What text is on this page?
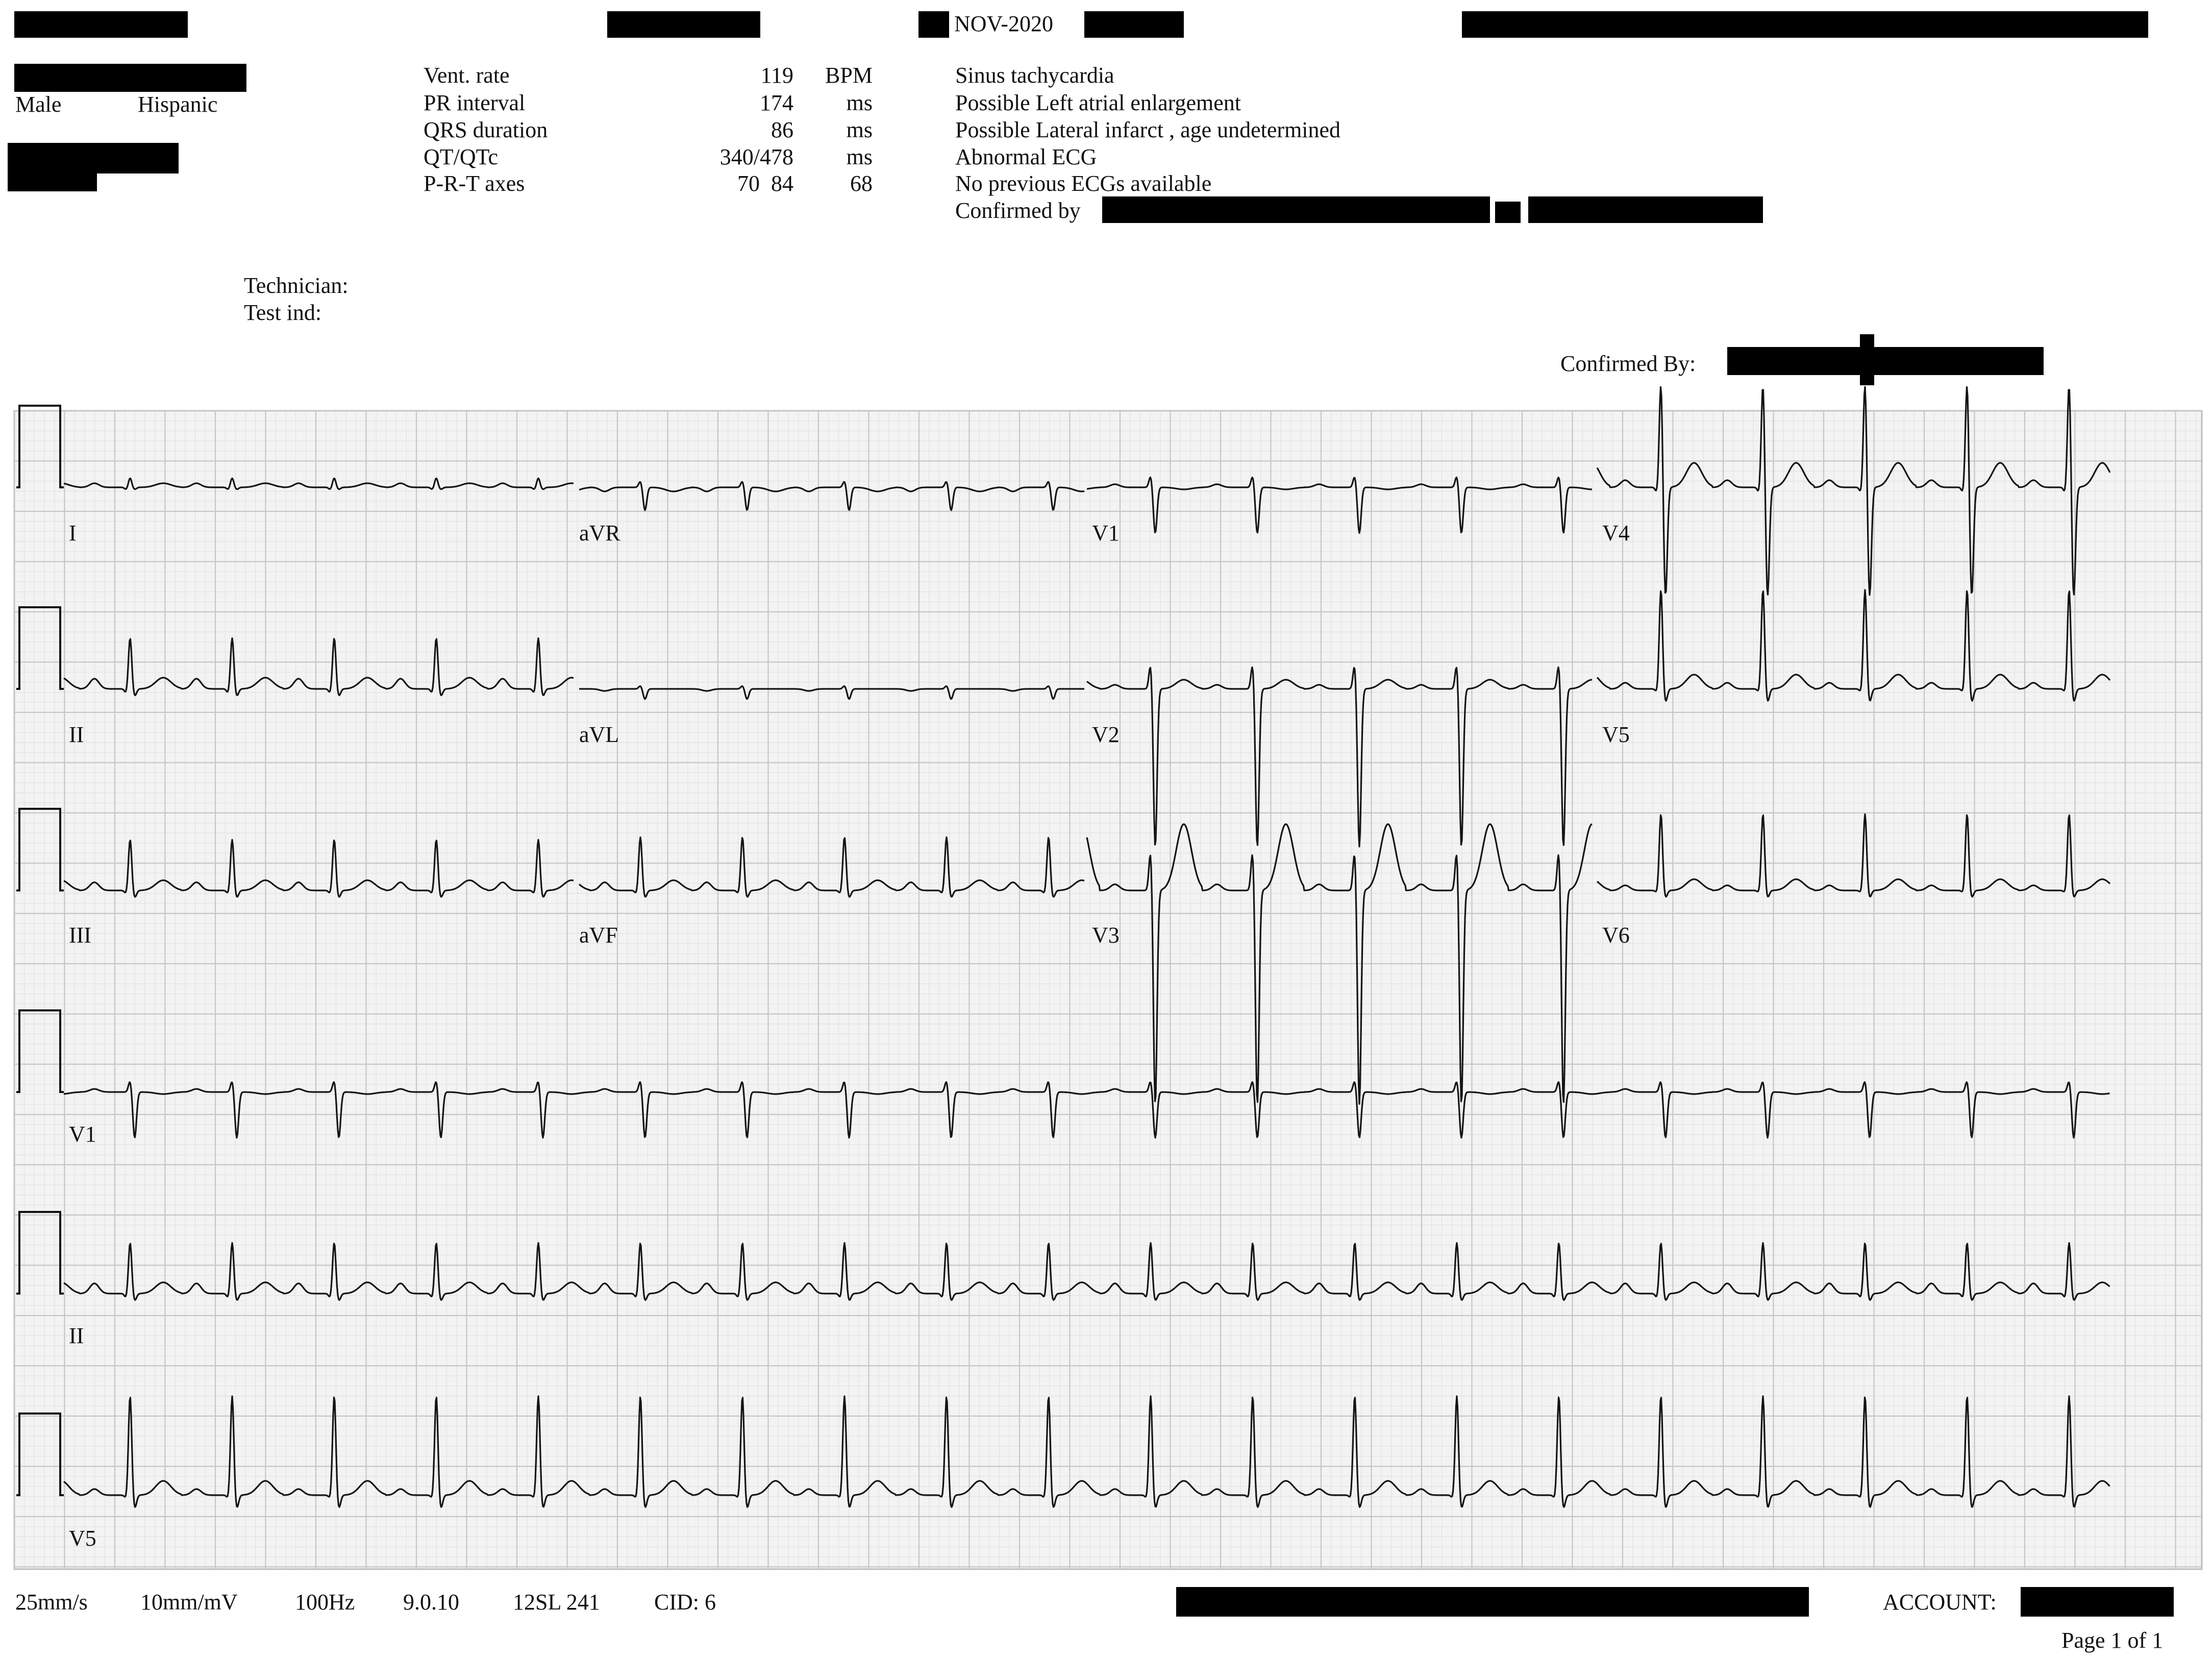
NOV-2020
Male	Hispanic
Vent. rate	119	BPM
PR interval	174	ms
QRS duration	86	ms
QT/QTc	340/478	ms
P-R-T axes	70  84	68
Sinus tachycardia
Possible Left atrial enlargement
Possible Lateral infarct , age undetermined
Abnormal ECG
No previous ECGs available
Confirmed by
Technician:
Test ind:
Confirmed By:
I	aVR	V1	V4
II	aVL	V2	V5
III	aVF	V3	V6
V1
II
V5
25mm/s 10mm/mV	100Hz 9.0.10 12SL 241 CID: 6	ACCOUNT:
Page 1 of 1
